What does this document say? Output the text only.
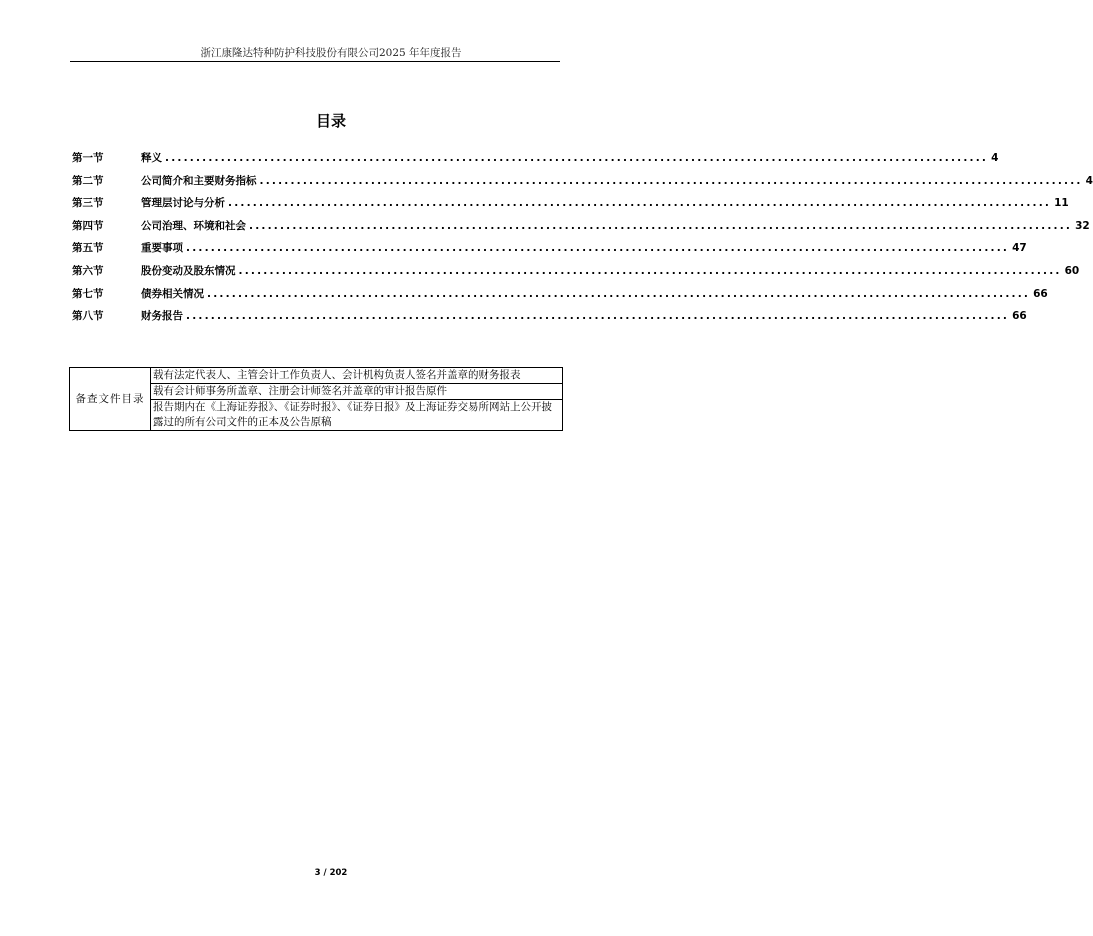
浙江康隆达特种防护科技股份有限公司2025 年年度报告
目录
第一节	释义 ..................................................................................................................................... 4
第二节	公司简介和主要财务指标 ..................................................................................................................................... 4
第三节	管理层讨论与分析 ..................................................................................................................................... 11
第四节	公司治理、环境和社会 ..................................................................................................................................... 32
第五节	重要事项 ..................................................................................................................................... 47
第六节	股份变动及股东情况 ..................................................................................................................................... 60
第七节	债券相关情况 ..................................................................................................................................... 66
第八节	财务报告 ..................................................................................................................................... 66
备查文件目录	载有法定代表人、主管会计工作负责人、会计机构负责人签名并盖章的财务报表
载有会计师事务所盖章、注册会计师签名并盖章的审计报告原件
报告期内在《上海证券报》、《证券时报》、《证券日报》及上海证券交易所网站上公开披露过的所有公司文件的正本及公告原稿
3 / 202
